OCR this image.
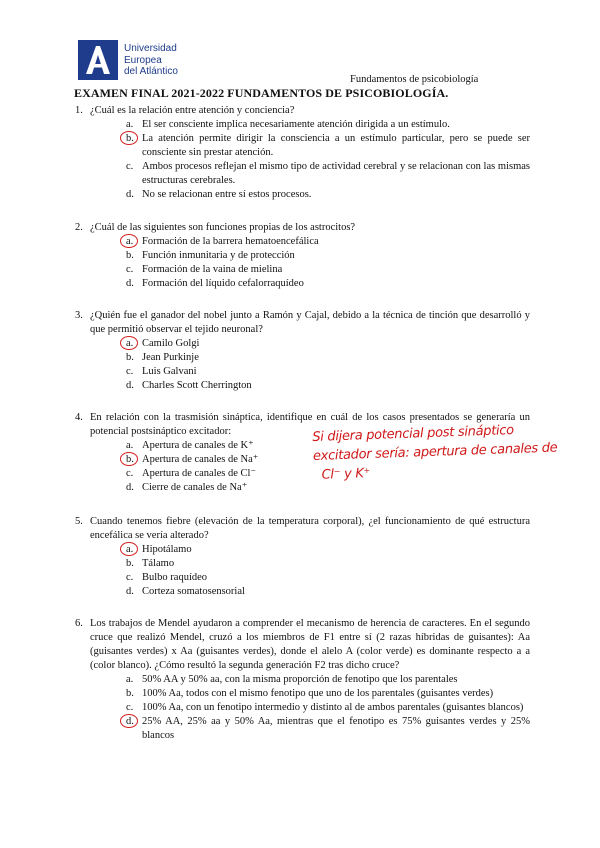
Universidad
Europea
del Atlántico
Fundamentos de psicobiología
EXAMEN FINAL 2021-2022 FUNDAMENTOS DE PSICOBIOLOGÍA.
1. ¿Cuál es la relación entre atención y conciencia?
a. El ser consciente implica necesariamente atención dirigida a un estímulo.
b. La atención permite dirigir la consciencia a un estímulo particular, pero se puede ser consciente sin prestar atención.
c. Ambos procesos reflejan el mismo tipo de actividad cerebral y se relacionan con las mismas estructuras cerebrales.
d. No se relacionan entre sí estos procesos.
2. ¿Cuál de las siguientes son funciones propias de los astrocitos?
a. Formación de la barrera hematoencefálica
b. Función inmunitaria y de protección
c. Formación de la vaina de mielina
d. Formación del líquido cefalorraquídeo
3. ¿Quién fue el ganador del nobel junto a Ramón y Cajal, debido a la técnica de tinción que desarrolló y que permitió observar el tejido neuronal?
a. Camilo Golgi
b. Jean Purkinje
c. Luis Galvani
d. Charles Scott Cherrington
4. En relación con la trasmisión sináptica, identifique en cuál de los casos presentados se generaría un potencial postsináptico excitador:
a. Apertura de canales de K⁺
b. Apertura de canales de Na⁺
c. Apertura de canales de Cl⁻
d. Cierre de canales de Na⁺
Si dijera potencial post sináptico
excitador sería: apertura de canales de
Cl⁻ y K⁺
5. Cuando tenemos fiebre (elevación de la temperatura corporal), ¿el funcionamiento de qué estructura encefálica se vería alterado?
a. Hipotálamo
b. Tálamo
c. Bulbo raquídeo
d. Corteza somatosensorial
6. Los trabajos de Mendel ayudaron a comprender el mecanismo de herencia de caracteres. En el segundo cruce que realizó Mendel, cruzó a los miembros de F1 entre sí (2 razas híbridas de guisantes): Aa (guisantes verdes) x Aa (guisantes verdes), donde el alelo A (color verde) es dominante respecto a a (color blanco). ¿Cómo resultó la segunda generación F2 tras dicho cruce?
a. 50% AA y 50% aa, con la misma proporción de fenotipo que los parentales
b. 100% Aa, todos con el mismo fenotipo que uno de los parentales (guisantes verdes)
c. 100% Aa, con un fenotipo intermedio y distinto al de ambos parentales (guisantes blancos)
d. 25% AA, 25% aa y 50% Aa, mientras que el fenotipo es 75% guisantes verdes y 25% blancos
